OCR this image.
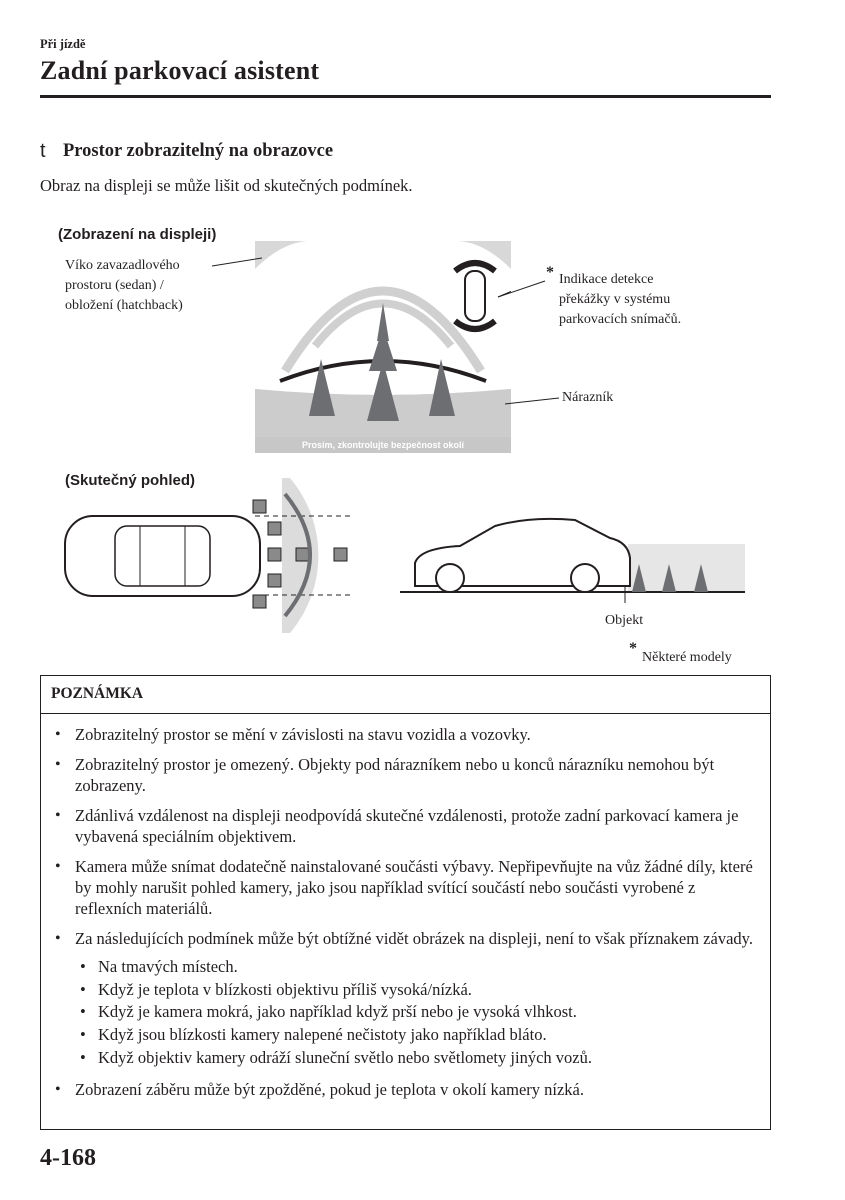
Při jízdě
Zadní parkovací asistent
t Prostor zobrazitelný na obrazovce
Obraz na displeji se může lišit od skutečných podmínek.
(Zobrazení na displeji)
Víko zavazadlového
prostoru (sedan) /
obložení (hatchback)
* Indikace detekce
překážky v systému
parkovacích snímačů.
Nárazník
Prosím, zkontrolujte bezpečnost okolí
(Skutečný pohled)
Objekt
*
Některé modely
POZNÁMKA
• Zobrazitelný prostor se mění v závislosti na stavu vozidla a vozovky.
• Zobrazitelný prostor je omezený. Objekty pod nárazníkem nebo u konců nárazníku nemohou být zobrazeny.
• Zdánlivá vzdálenost na displeji neodpovídá skutečné vzdálenosti, protože zadní parkovací kamera je vybavená speciálním objektivem.
• Kamera může snímat dodatečně nainstalované součásti výbavy. Nepřipevňujte na vůz žádné díly, které by mohly narušit pohled kamery, jako jsou například svítící součástí nebo součásti vyrobené z reflexních materiálů.
• Za následujících podmínek může být obtížné vidět obrázek na displeji, není to však příznakem závady.
• Na tmavých místech.
• Když je teplota v blízkosti objektivu příliš vysoká/nízká.
• Když je kamera mokrá, jako například když prší nebo je vysoká vlhkost.
• Když jsou blízkosti kamery nalepené nečistoty jako například bláto.
• Když objektiv kamery odráží sluneční světlo nebo světlomety jiných vozů.
• Zobrazení záběru může být zpožděné, pokud je teplota v okolí kamery nízká.
4-168
